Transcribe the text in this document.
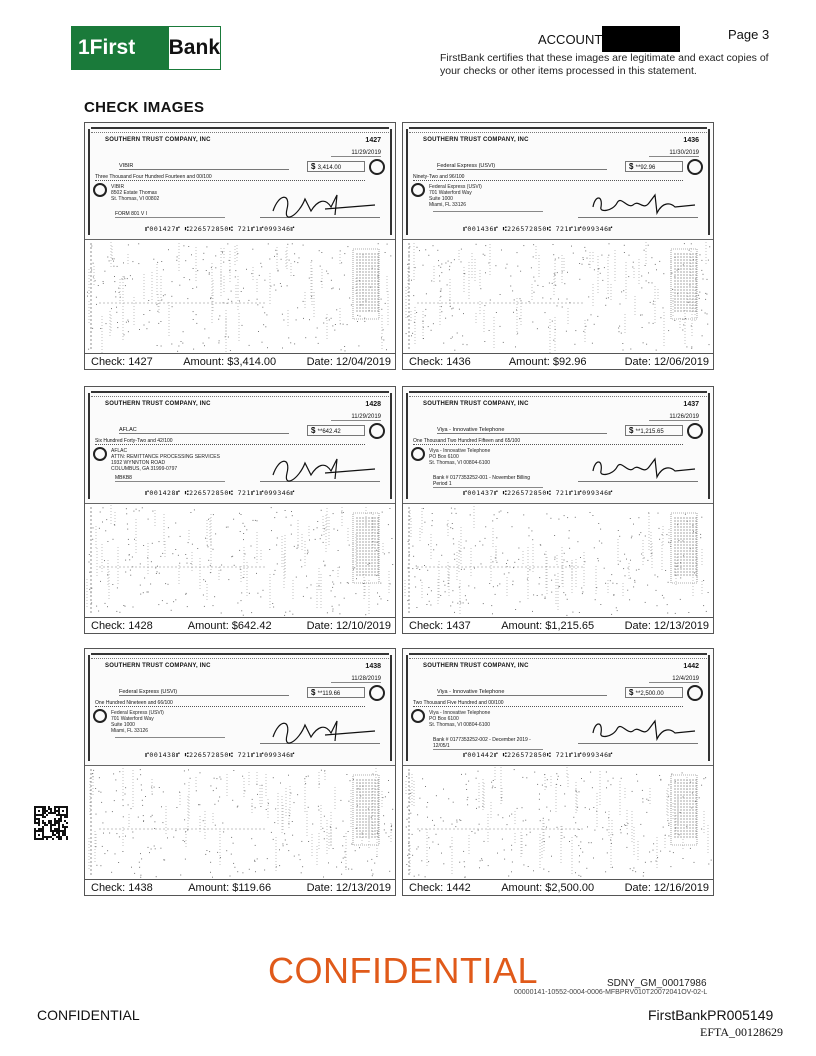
1First	Bank	ACCOUNT	Page 3
FirstBank certifies that these images are legitimate and exact copies of your checks or other items processed in this statement.
CHECK IMAGES
SOUTHERN TRUST COMPANY, INC	1427
11/29/2019
VIBIR	$ 3,414.00
Three Thousand Four Hundred Fourteen and 00/100
VIBIR
8502 Estate Thomas
St. Thomas, VI 00802
FORM 801 V I
⑈001427⑈ ⑆226572850⑆ 721⑈1⑈099346⑈
Check: 1427	Amount: $3,414.00	Date: 12/04/2019
SOUTHERN TRUST COMPANY, INC	1436
11/30/2019
Federal Express (USVI)	$ **92.96
Ninety-Two and 96/100
Federal Express (USVI)
701 Waterford Way
Suite 1000
Miami, FL 33126
⑈001436⑈ ⑆226572850⑆ 721⑈1⑈099346⑈
Check: 1436	Amount: $92.96	Date: 12/06/2019
SOUTHERN TRUST COMPANY, INC	1428
11/29/2019
AFLAC	$ **642.42
Six Hundred Forty-Two and 42/100
AFLAC
ATTN: REMITTANCE PROCESSING SERVICES
1932 WYNNTON ROAD
COLUMBUS, GA 31999-0797
MBKB8
⑈001428⑈ ⑆226572850⑆ 721⑈1⑈099346⑈
Check: 1428	Amount: $642.42	Date: 12/10/2019
SOUTHERN TRUST COMPANY, INC	1437
11/26/2019
Viya - Innovative Telephone	$ **1,215.65
One Thousand Two Hundred Fifteen and 65/100
Viya - Innovative Telephone
PO Box 6100
St. Thomas, VI 00804-6100
Bank # 0177353252-001 - November Billing Period 1
⑈001437⑈ ⑆226572850⑆ 721⑈1⑈099346⑈
Check: 1437	Amount: $1,215.65	Date: 12/13/2019
SOUTHERN TRUST COMPANY, INC	1438
11/28/2019
Federal Express (USVI)	$ **119.66
One Hundred Nineteen and 66/100
Federal Express (USVI)
701 Waterford Way
Suite 1000
Miami, FL 33126
⑈001438⑈ ⑆226572850⑆ 721⑈1⑈099346⑈
Check: 1438	Amount: $119.66	Date: 12/13/2019
SOUTHERN TRUST COMPANY, INC	1442
12/4/2019
Viya - Innovative Telephone	$ **2,500.00
Two Thousand Five Hundred and 00/100
Viya - Innovative Telephone
PO Box 6100
St. Thomas, VI 00804-6100
Bank # 0177353252-002 - December 2019 - 12/05/1
⑈001442⑈ ⑆226572850⑆ 721⑈1⑈099346⑈
Check: 1442	Amount: $2,500.00	Date: 12/16/2019
CONFIDENTIAL	SDNY_GM_00017986
00000141-10552-0004-0006-MFBPRV010T20072041OV-02-L
CONFIDENTIAL	FirstBankPR005149
EFTA_00128629
